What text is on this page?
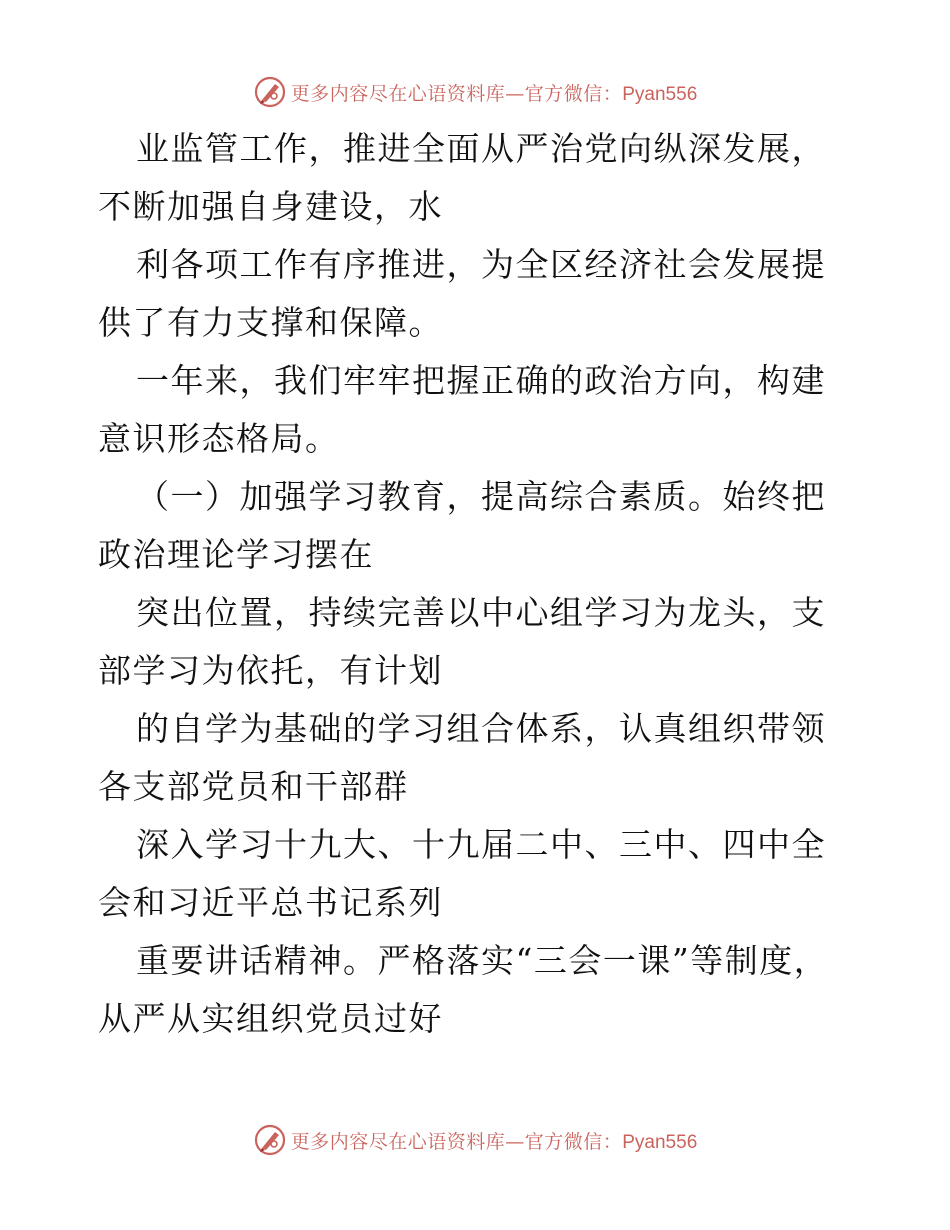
更多内容尽在心语资料库—官方微信：Pyan556

业监管工作，推进全面从严治党向纵深发展，不断加强自身建设，水

利各项工作有序推进，为全区经济社会发展提供了有力支撑和保障。

一年来，我们牢牢把握正确的政治方向，构建意识形态格局。

（一）加强学习教育，提高综合素质。始终把政治理论学习摆在

突出位置，持续完善以中心组学习为龙头，支部学习为依托，有计划

的自学为基础的学习组合体系，认真组织带领各支部党员和干部群

深入学习十九大、十九届二中、三中、四中全会和习近平总书记系列

重要讲话精神。严格落实“三会一课”等制度，从严从实组织党员过好

更多内容尽在心语资料库—官方微信：Pyan556
